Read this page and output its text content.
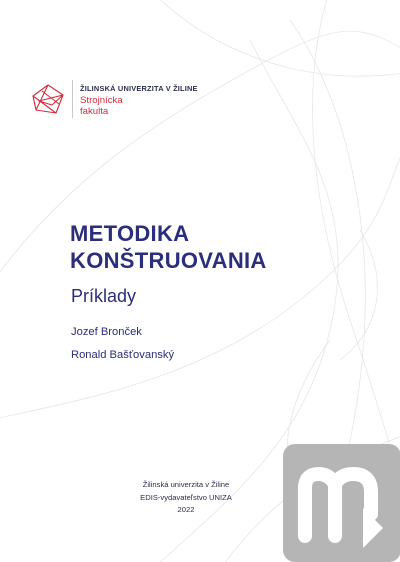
ŽILINSKÁ UNIVERZITA V ŽILINE
Strojnícka
fakulta
METODIKA
KONŠTRUOVANIA
Príklady
Jozef Bronček
Ronald Bašťovanský
Žilinská univerzita v Žiline
EDIS-vydavateľstvo UNIZA
2022
